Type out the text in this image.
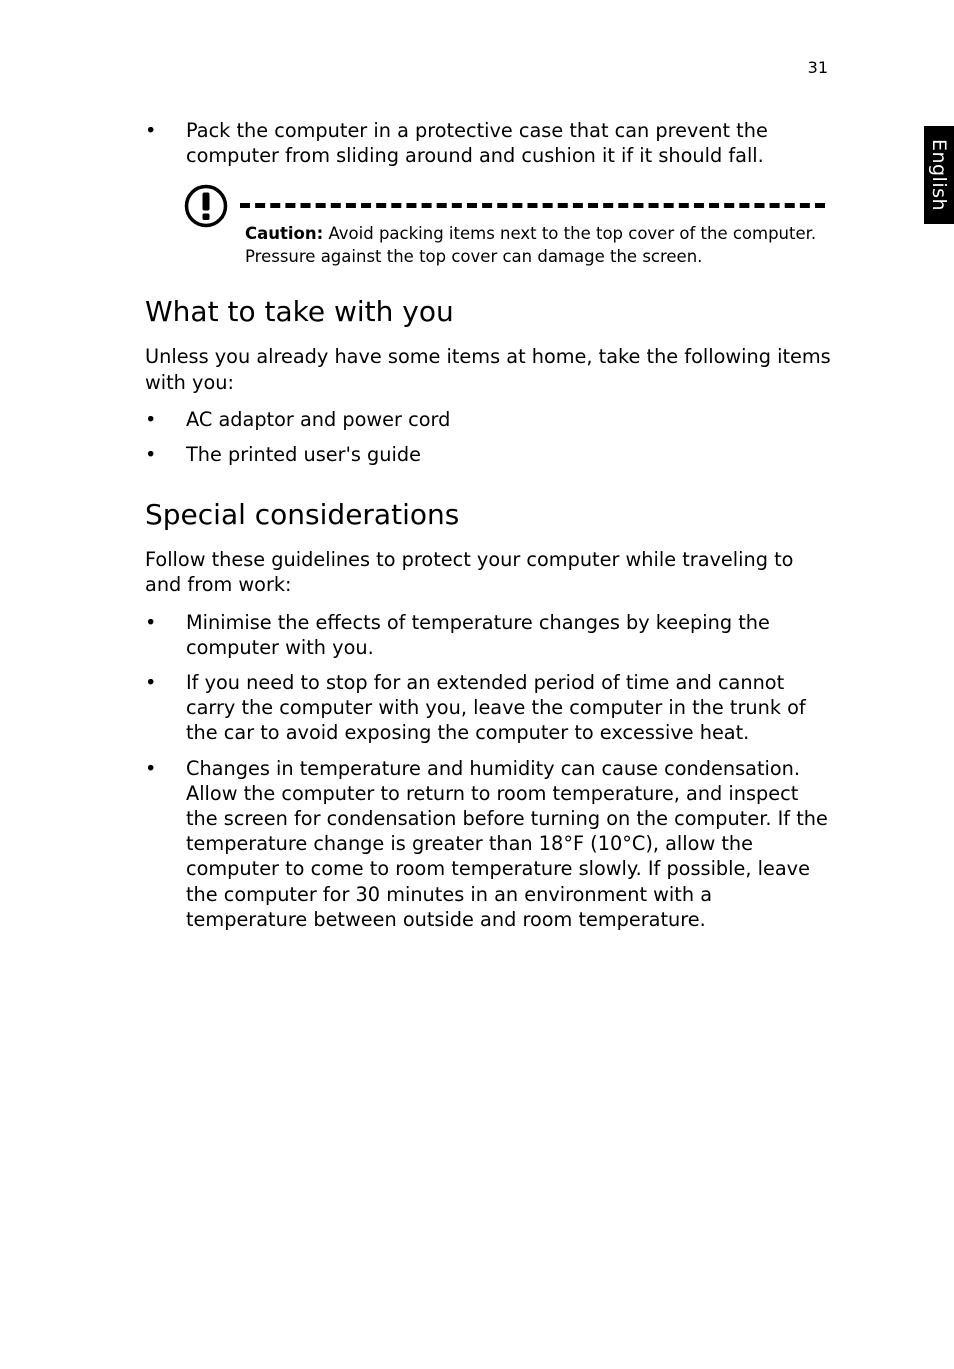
31
English
• Pack the computer in a protective case that can prevent the computer from sliding around and cushion it if it should fall.
Caution: Avoid packing items next to the top cover of the computer. Pressure against the top cover can damage the screen.
What to take with you
Unless you already have some items at home, take the following items with you:
• AC adaptor and power cord
• The printed user's guide
Special considerations
Follow these guidelines to protect your computer while traveling to and from work:
• Minimise the effects of temperature changes by keeping the computer with you.
• If you need to stop for an extended period of time and cannot carry the computer with you, leave the computer in the trunk of the car to avoid exposing the computer to excessive heat.
• Changes in temperature and humidity can cause condensation. Allow the computer to return to room temperature, and inspect the screen for condensation before turning on the computer. If the temperature change is greater than 18°F (10°C), allow the computer to come to room temperature slowly. If possible, leave the computer for 30 minutes in an environment with a temperature between outside and room temperature.
